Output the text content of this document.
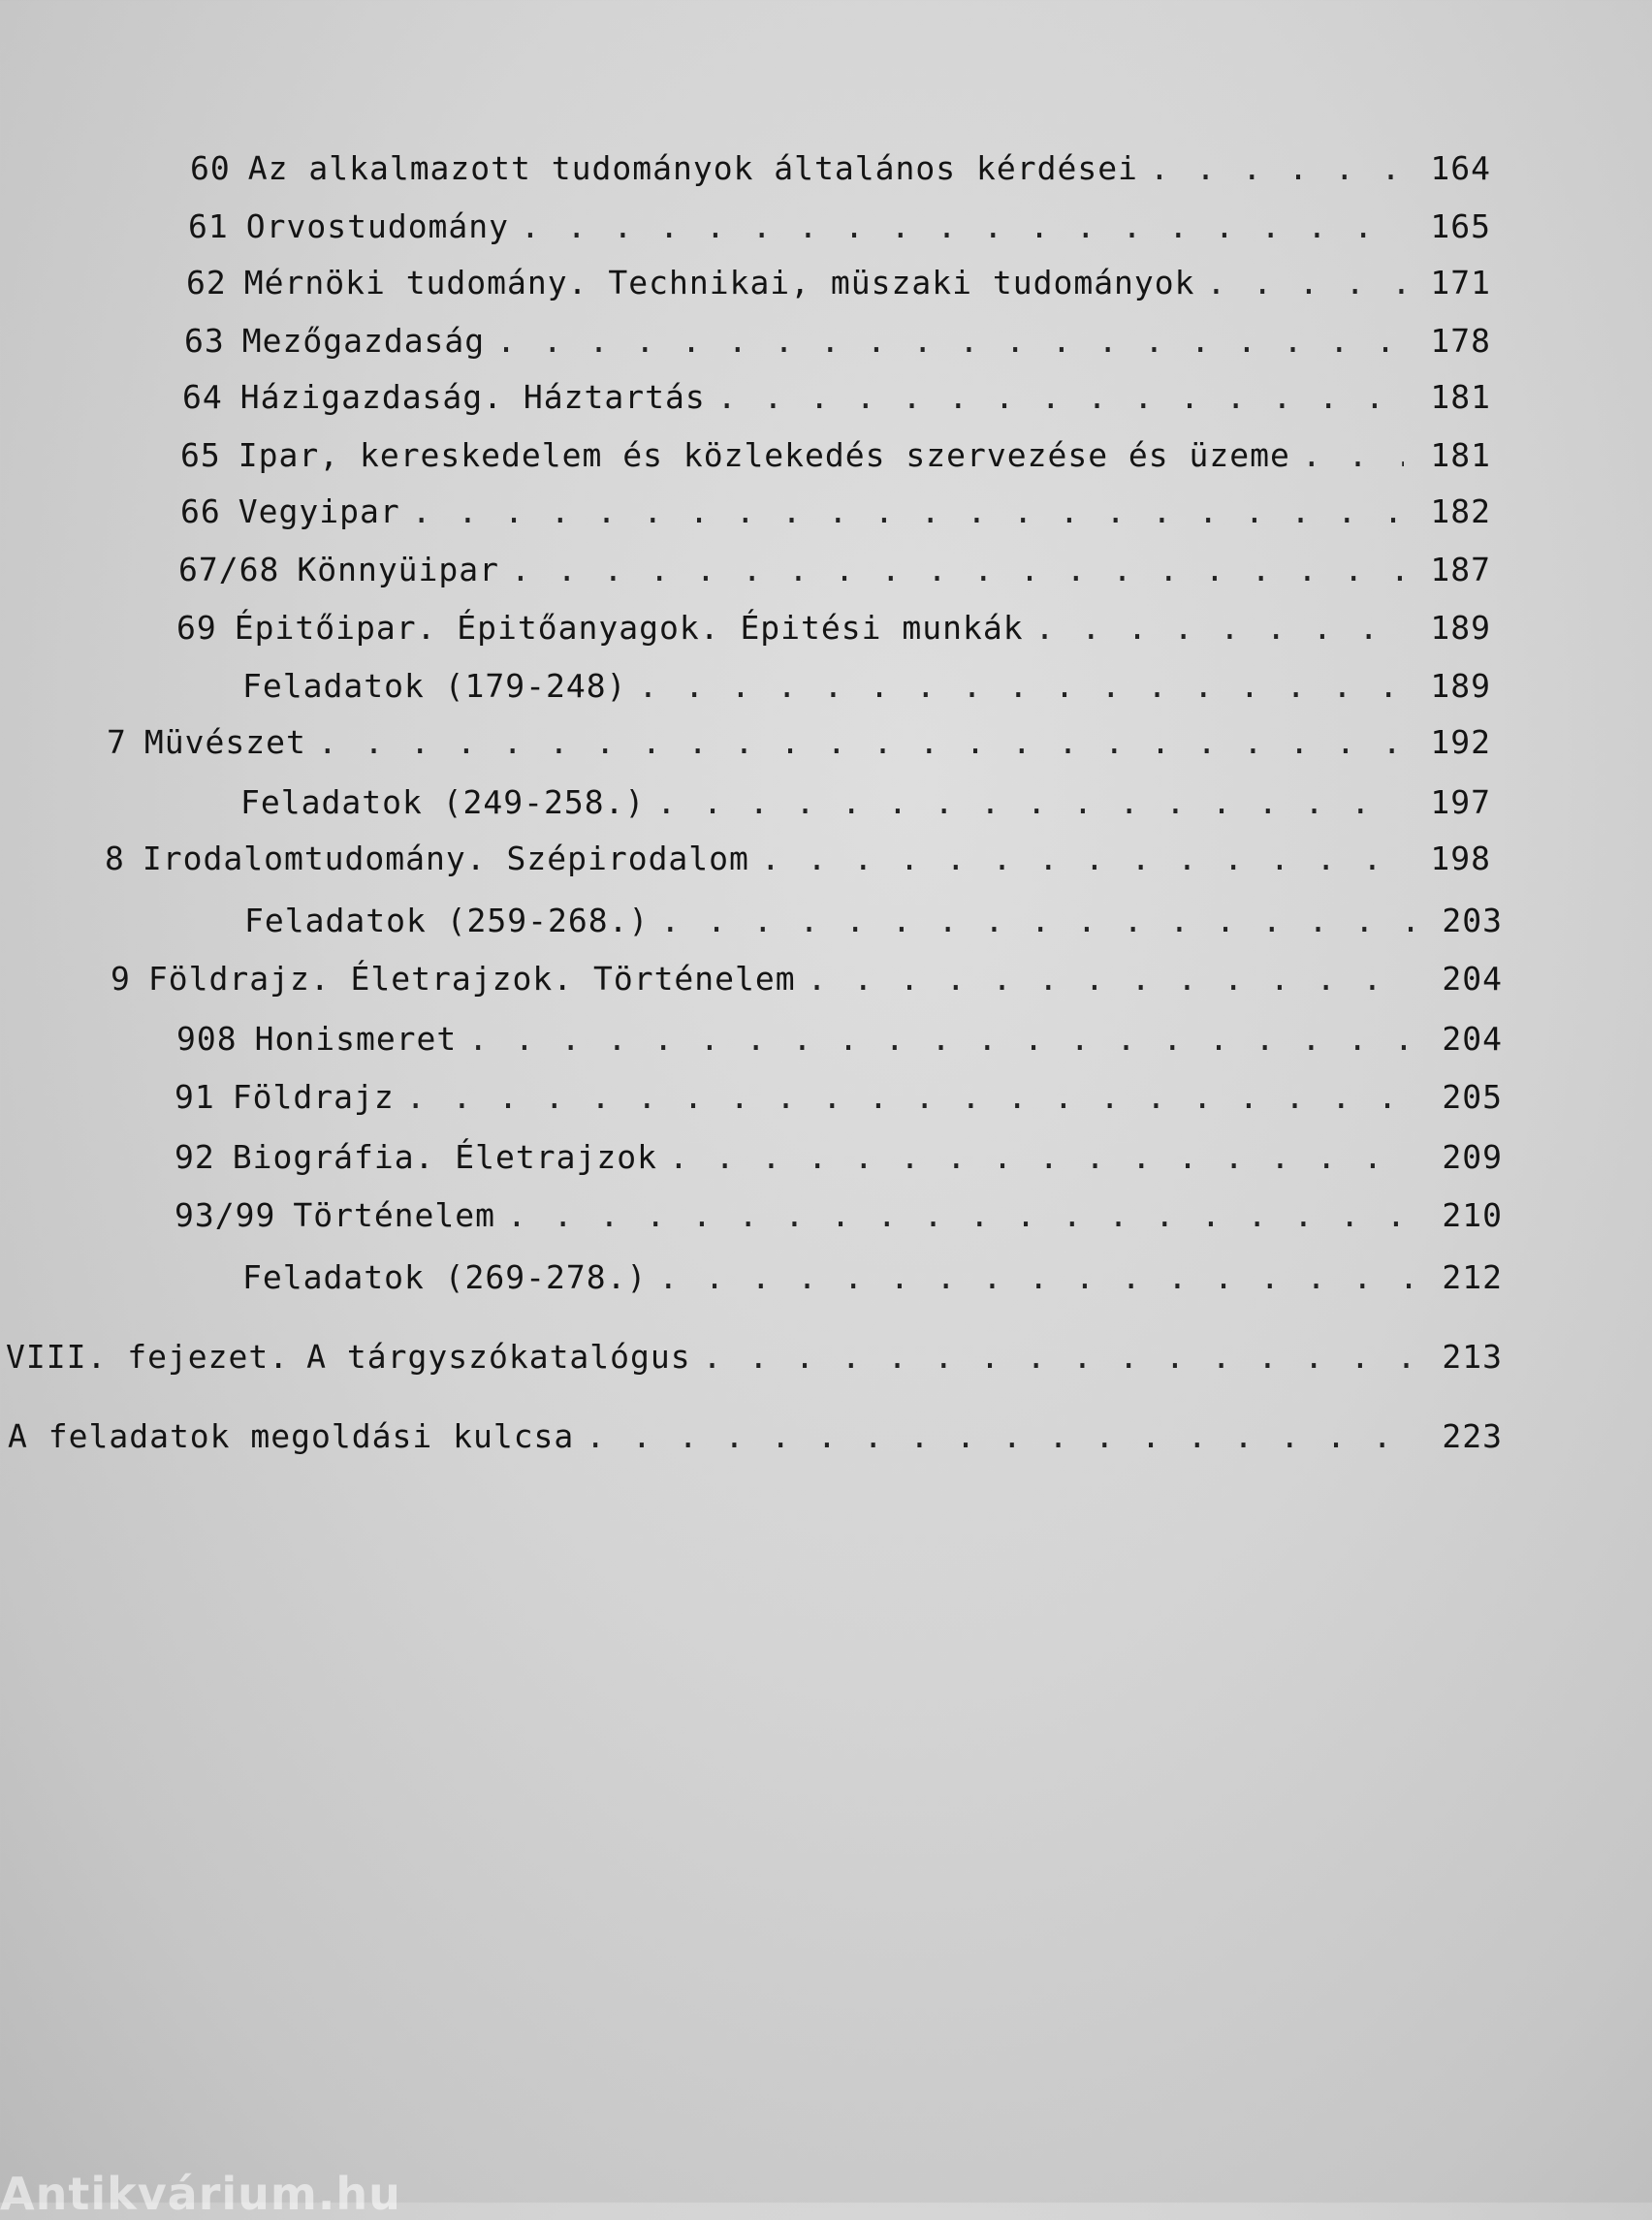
60 Az alkalmazott tudományok általános kérdései . . .	164
61 Orvostudomány . . .	165
62 Mérnöki tudomány. Technikai, müszaki tudományok . . .	171
63 Mezőgazdaság . . .	178
64 Házigazdaság. Háztartás . . .	181
65 Ipar, kereskedelem és közlekedés szervezése és üzeme . . .	181
66 Vegyipar . . .	182
67/68 Könnyüipar . . .	187
69 Épitőipar. Épitőanyagok. Épitési munkák . . .	189
Feladatok (179-248) . . .	189
7 Müvészet . . .	192
Feladatok (249-258.) . . .	197
8 Irodalomtudomány. Szépirodalom . . .	198
Feladatok (259-268.) . . .	203
9 Földrajz. Életrajzok. Történelem . . .	204
908 Honismeret . . .	204
91 Földrajz . . .	205
92 Biográfia. Életrajzok . . .	209
93/99 Történelem . . .	210
Feladatok (269-278.) . . .	212
VIII. fejezet. A tárgyszókatalógus . . .	213
A feladatok megoldási kulcsa . . .	223
Antikvárium.hu
